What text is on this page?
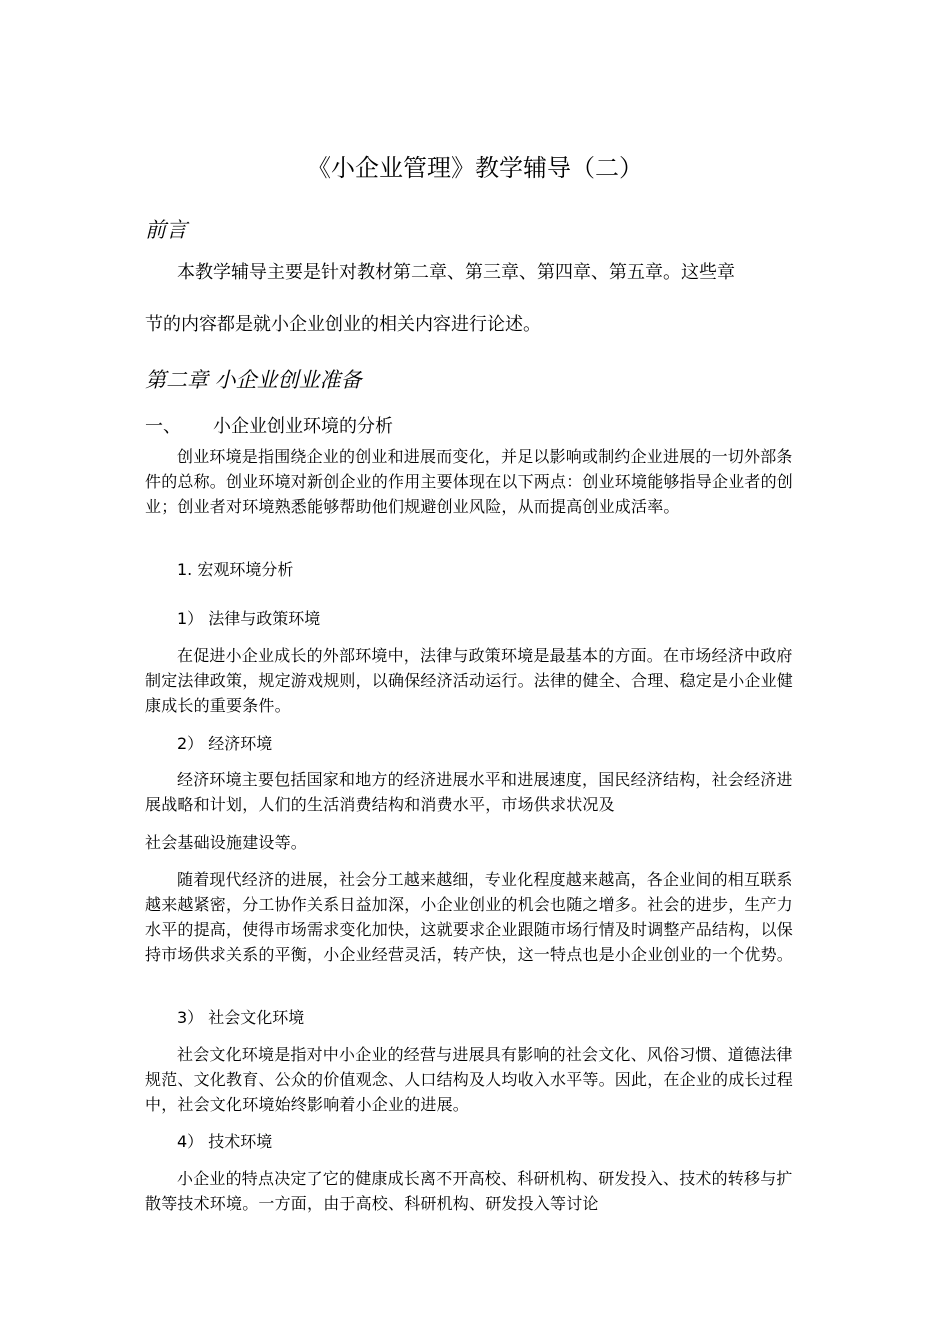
《小企业管理》教学辅导（二）
前言
本教学辅导主要是针对教材第二章、第三章、第四章、第五章。这些章
节的内容都是就小企业创业的相关内容进行论述。
第二章 小企业创业准备
一、 小企业创业环境的分析

创业环境是指围绕企业的创业和进展而变化，并足以影响或制约企业进展的一切外部条件的总称。创业环境对新创企业的作用主要体现在以下两点：创业环境能够指导企业者的创业；创业者对环境熟悉能够帮助他们规避创业风险，从而提高创业成活率。

1. 宏观环境分析
1） 法律与政策环境

在促进小企业成长的外部环境中，法律与政策环境是最基本的方面。在市场经济中政府制定法律政策，规定游戏规则，以确保经济活动运行。法律的健全、合理、稳定是小企业健康成长的重要条件。

2） 经济环境

经济环境主要包括国家和地方的经济进展水平和进展速度，国民经济结构，社会经济进展战略和计划，人们的生活消费结构和消费水平，市场供求状况及

社会基础设施建设等。

随着现代经济的进展，社会分工越来越细，专业化程度越来越高，各企业间的相互联系越来越紧密，分工协作关系日益加深，小企业创业的机会也随之增多。社会的进步，生产力水平的提高，使得市场需求变化加快，这就要求企业跟随市场行情及时调整产品结构，以保持市场供求关系的平衡，小企业经营灵活，转产快，这一特点也是小企业创业的一个优势。

3） 社会文化环境

社会文化环境是指对中小企业的经营与进展具有影响的社会文化、风俗习惯、道德法律规范、文化教育、公众的价值观念、人口结构及人均收入水平等。因此，在企业的成长过程中，社会文化环境始终影响着小企业的进展。

4） 技术环境

小企业的特点决定了它的健康成长离不开高校、科研机构、研发投入、技术的转移与扩散等技术环境。一方面，由于高校、科研机构、研发投入等讨论
